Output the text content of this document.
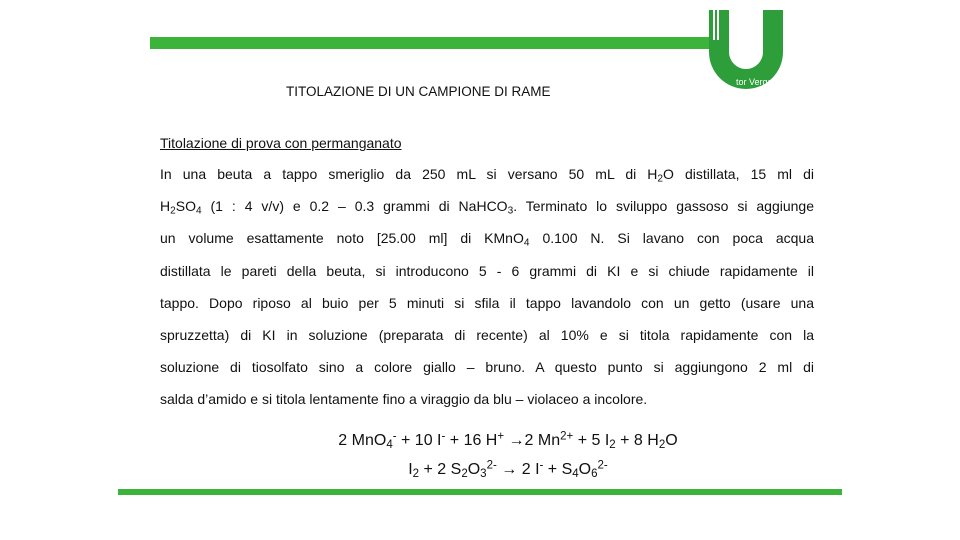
tor Vergata
TITOLAZIONE DI UN CAMPIONE DI RAME
Titolazione di prova con permanganato
In una beuta a tappo smeriglio da 250 mL si versano 50 mL di $H_2O$ distillata, 15 ml di
$H_2SO_4$ (1 : 4 v/v) e 0.2 – 0.3 grammi di NaHCO$_3$. Terminato lo sviluppo gassoso si aggiunge
un volume esattamente noto [25.00 ml] di KMnO$_4$ 0.100 N. Si lavano con poca acqua
distillata le pareti della beuta, si introducono 5 - 6 grammi di KI e si chiude rapidamente il
tappo. Dopo riposo al buio per 5 minuti si sfila il tappo lavandolo con un getto (usare una
spruzzetta) di KI in soluzione (preparata di recente) al 10% e si titola rapidamente con la
soluzione di tiosolfato sino a colore giallo – bruno. A questo punto si aggiungono 2 ml di
salda d’amido e si titola lentamente fino a viraggio da blu – violaceo a incolore.
2 MnO$_4$- + 10 I- + 16 H+ →2 $Mn^{2+} + 5$ $I_2 + 8$ $H_2O$
$I_2 + 2$ $S_2O_3^{2-} \to 2$ $I^- + S_4O_6^{2-}$
